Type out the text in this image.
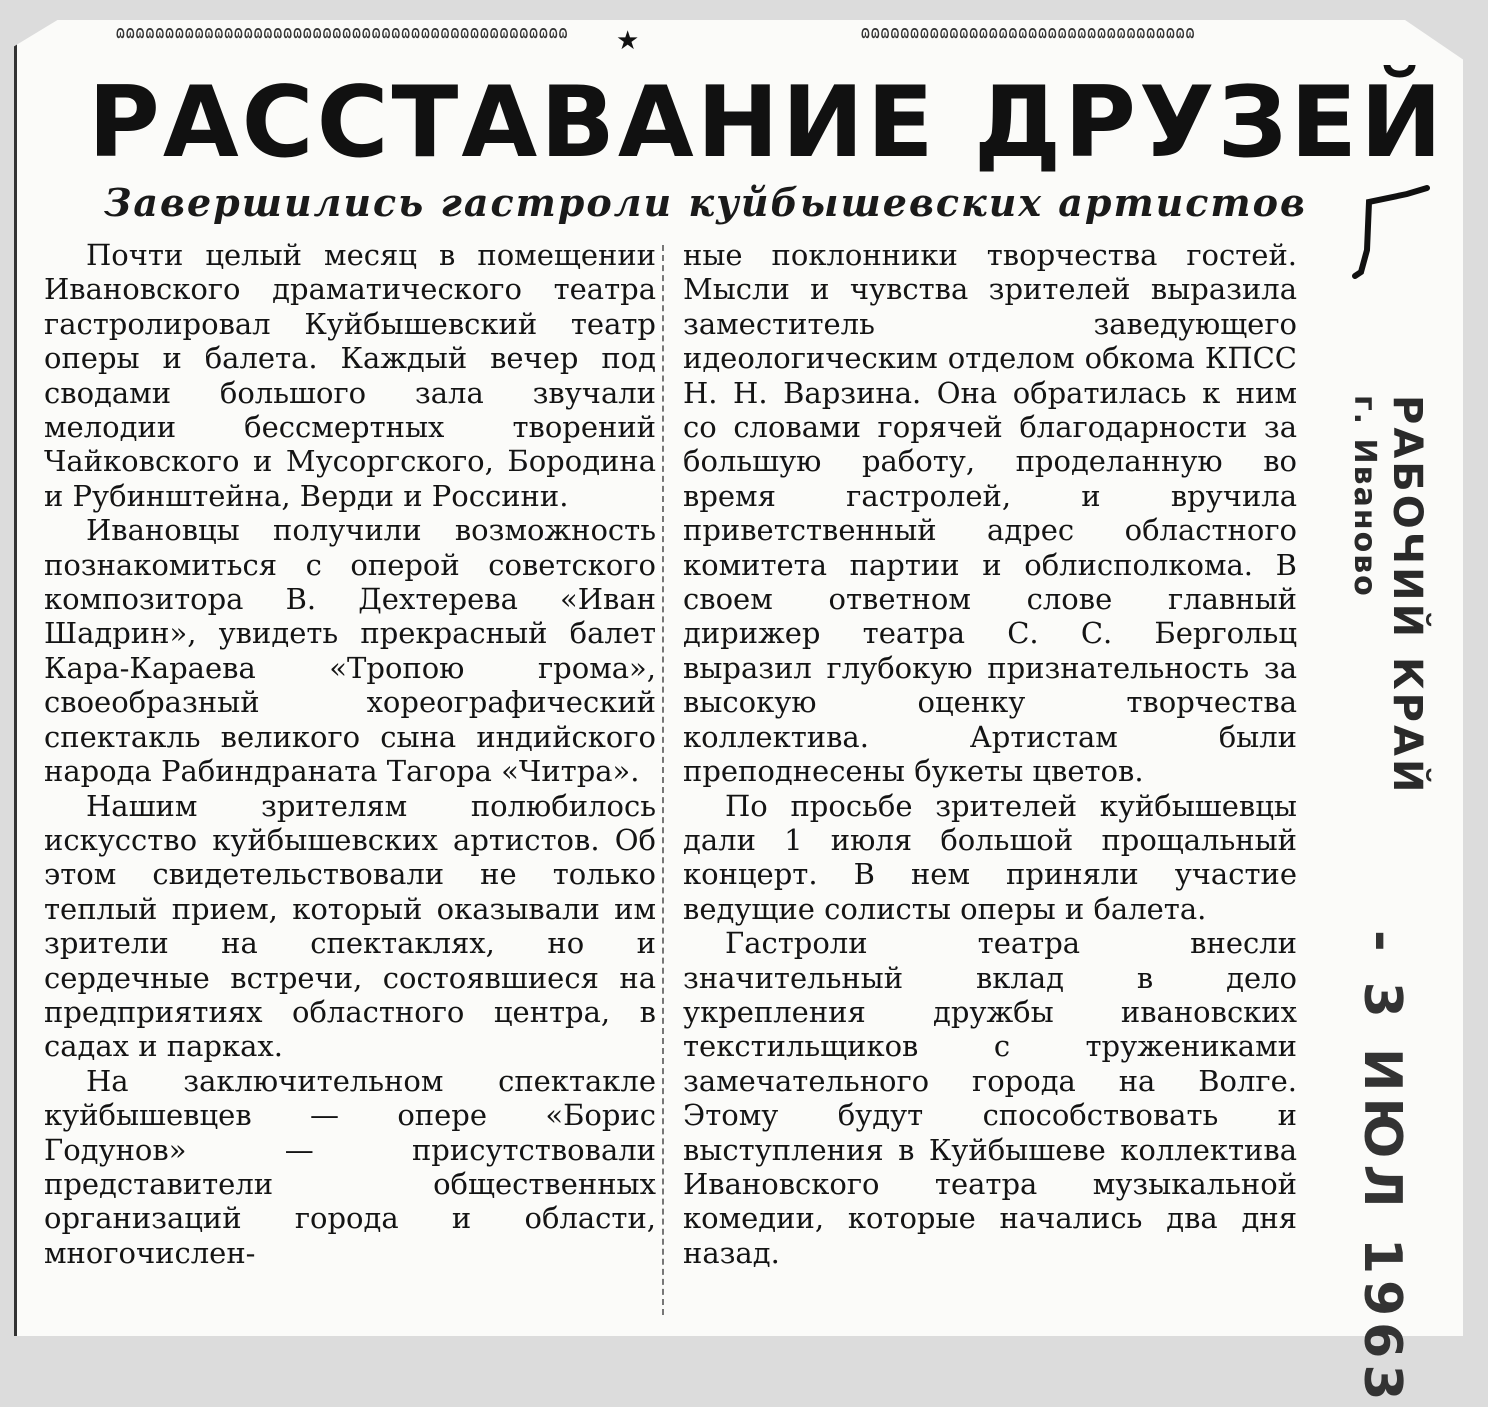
ɷɷɷɷɷɷɷɷɷɷɷɷɷɷɷɷɷɷɷɷɷɷɷɷɷɷɷɷɷɷɷɷɷɷɷɷɷɷɷɷɷɷɷɷɷɷ	★	ɷɷɷɷɷɷɷɷɷɷɷɷɷɷɷɷɷɷɷɷɷɷɷɷɷɷɷɷɷɷɷɷɷɷ
РАССТАВАНИЕ ДРУЗЕЙ
Завершились гастроли куйбышевских артистов

Почти целый месяц в помещении Ивановского драматического театра гастролировал Куйбышевский театр оперы и балета. Каждый вечер под сводами большого зала звучали мелодии бессмертных творений Чайковского и Мусоргского, Бородина и Рубинштейна, Верди и Россини.

Ивановцы получили возможность познакомиться с оперой советского композитора В. Дехтерева «Иван Шадрин», увидеть прекрасный балет Кара-Караева «Тропою грома», своеобразный хореографический спектакль великого сына индийского народа Рабиндраната Тагора «Читра».

Нашим зрителям полюбилось искусство куйбышевских артистов. Об этом свидетельствовали не только теплый прием, который оказывали им зрители на спектаклях, но и сердечные встречи, состоявшиеся на предприятиях областного центра, в садах и парках.

На заключительном спектакле куйбышевцев — опере «Борис Годунов» — присутствовали представители общественных организаций города и области, многочислен-

ные поклонники творчества гостей. Мысли и чувства зрителей выразила заместитель заведующего идеологическим отделом обкома КПСС Н. Н. Варзина. Она обратилась к ним со словами горячей благодарности за большую работу, проделанную во время гастролей, и вручила приветственный адрес областного комитета партии и облисполкома. В своем ответном слове главный дирижер театра С. С. Бергольц выразил глубокую признательность за высокую оценку творчества коллектива. Артистам были преподнесены букеты цветов.

По просьбе зрителей куйбышевцы дали 1 июля большой прощальный концерт. В нем приняли участие ведущие солисты оперы и балета.

Гастроли театра внесли значительный вклад в дело укрепления дружбы ивановских текстильщиков с тружениками замечательного города на Волге. Этому будут способствовать и выступления в Куйбышеве коллектива Ивановского театра музыкальной комедии, которые начались два дня назад.

РАБОЧИЙ КРАЙ
г. Иваново
- 3 ИЮЛ 1963
